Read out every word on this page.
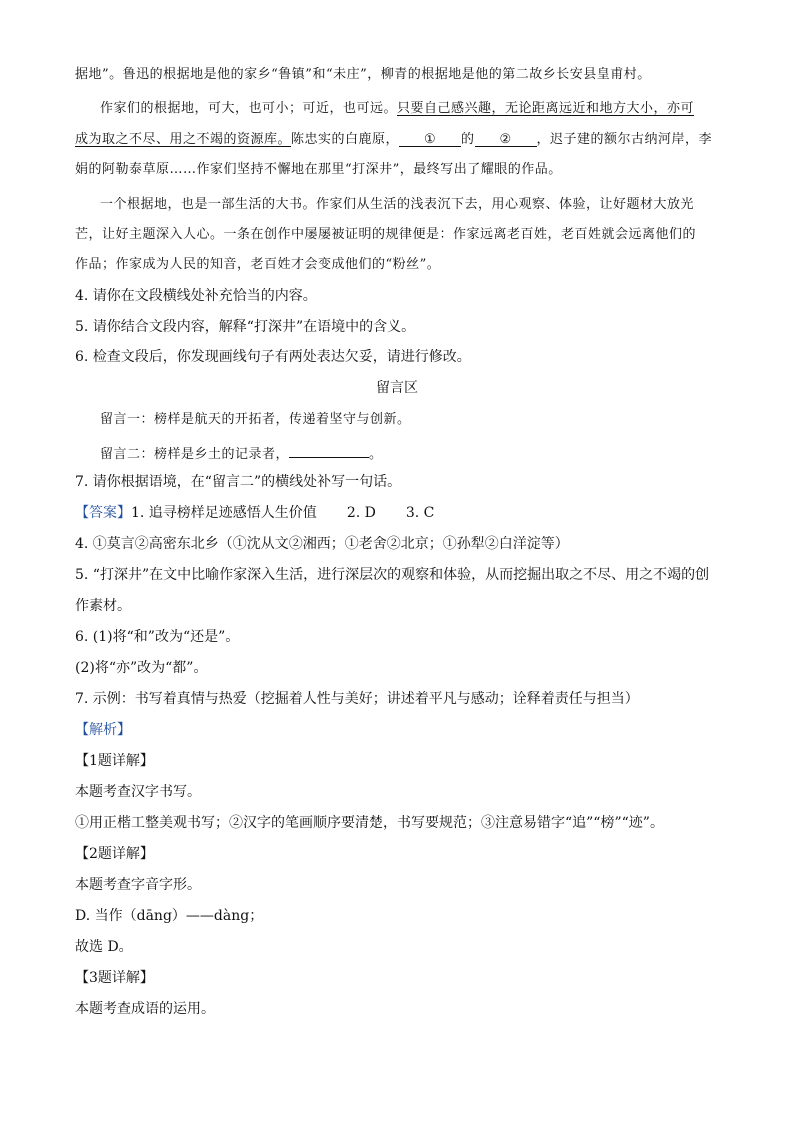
据地”。鲁迅的根据地是他的家乡“鲁镇”和“未庄”，柳青的根据地是他的第二故乡长安县皇甫村。
作家们的根据地，可大，也可小；可近，也可远。只要自己感兴趣，无论距离远近和地方大小，亦可
成为取之不尽、用之不竭的资源库。陈忠实的白鹿原， ① 的 ② ，迟子建的额尔古纳河岸，李
娟的阿勒泰草原……作家们坚持不懈地在那里“打深井”，最终写出了耀眼的作品。
一个根据地，也是一部生活的大书。作家们从生活的浅表沉下去，用心观察、体验，让好题材大放光
芒，让好主题深入人心。一条在创作中屡屡被证明的规律便是：作家远离老百姓，老百姓就会远离他们的
作品；作家成为人民的知音，老百姓才会变成他们的“粉丝”。
4. 请你在文段横线处补充恰当的内容。
5. 请你结合文段内容，解释“打深井”在语境中的含义。
6. 检查文段后，你发现画线句子有两处表达欠妥，请进行修改。
留言区
留言一：榜样是航天的开拓者，传递着坚守与创新。
留言二：榜样是乡土的记录者，	。
7. 请你根据语境，在“留言二”的横线处补写一句话。
【答案】1. 追寻榜样足迹感悟人生价值 2. D 3. C
4. ①莫言②高密东北乡（①沈从文②湘西；①老舍②北京；①孙犁②白洋淀等）
5. “打深井”在文中比喻作家深入生活，进行深层次的观察和体验，从而挖掘出取之不尽、用之不竭的创
作素材。
6. (1)将“和”改为“还是”。
(2)将“亦”改为“都”。
7. 示例：书写着真情与热爱（挖掘着人性与美好；讲述着平凡与感动；诠释着责任与担当）
【解析】
【1题详解】
本题考查汉字书写。
①用正楷工整美观书写；②汉字的笔画顺序要清楚，书写要规范；③注意易错字“追”“榜”“迹”。
【2题详解】
本题考查字音字形。
D. 当作（dāng）——dàng；
故选 D。
【3题详解】
本题考查成语的运用。
